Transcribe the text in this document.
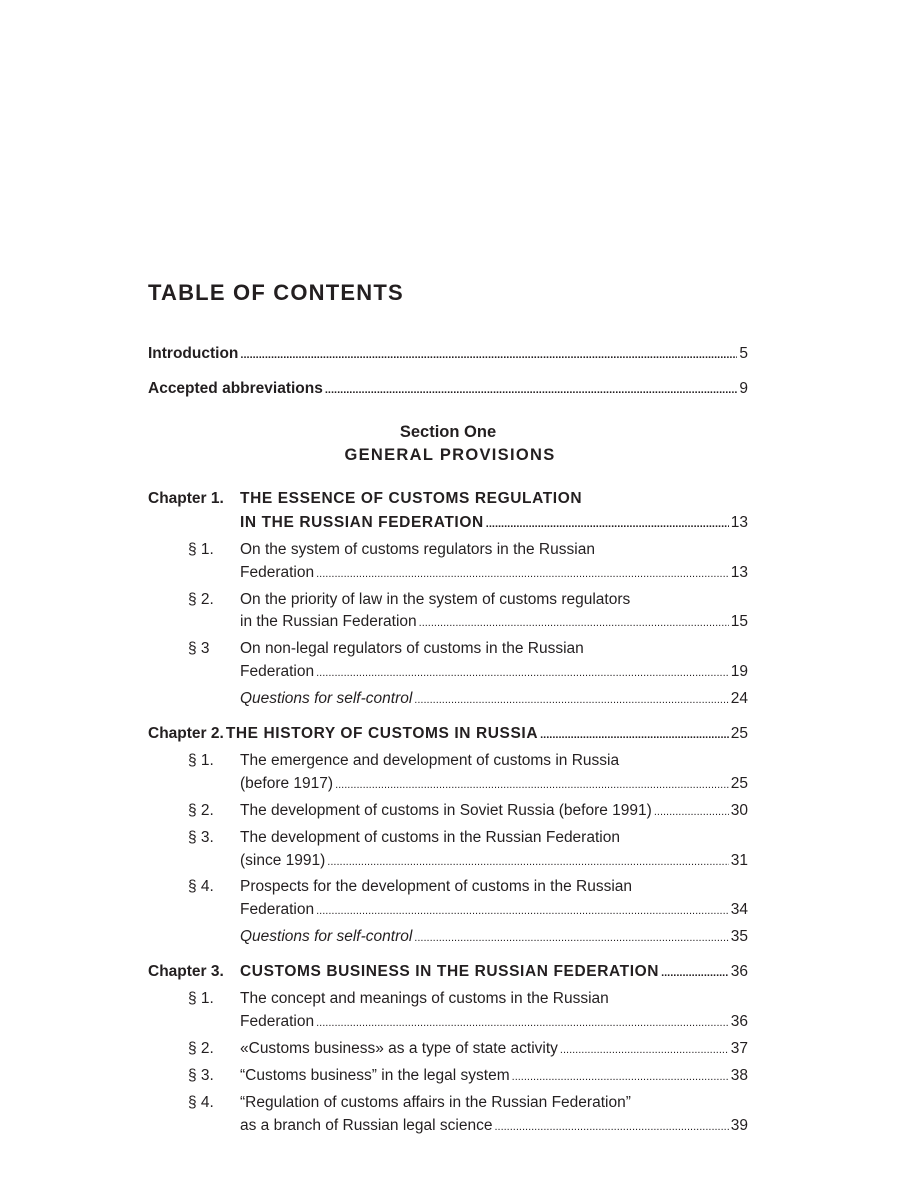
TABLE OF CONTENTS
Introduction .....	5
Accepted abbreviations .....	9
Section One
GENERAL PROVISIONS
Chapter 1. THE ESSENCE OF CUSTOMS REGULATION
IN THE RUSSIAN FEDERATION .....	13
§ 1. On the system of customs regulators in the Russian
Federation .....	13
§ 2. On the priority of law in the system of customs regulators
in the Russian Federation .....	15
§ 3 On non-legal regulators of customs in the Russian
Federation .....	19
Questions for self-control .....	24
Chapter 2. THE HISTORY OF CUSTOMS IN RUSSIA .....	25
§ 1. The emergence and development of customs in Russia
(before 1917) .....	25
§ 2. The development of customs in Soviet Russia (before 1991) .....	30
§ 3. The development of customs in the Russian Federation
(since 1991) .....	31
§ 4. Prospects for the development of customs in the Russian
Federation .....	34
Questions for self-control .....	35
Chapter 3. CUSTOMS BUSINESS IN THE RUSSIAN FEDERATION .....	36
§ 1. The concept and meanings of customs in the Russian
Federation .....	36
§ 2. «Customs business» as a type of state activity .....	37
§ 3. “Customs business” in the legal system .....	38
§ 4. “Regulation of customs affairs in the Russian Federation”
as a branch of Russian legal science .....	39
